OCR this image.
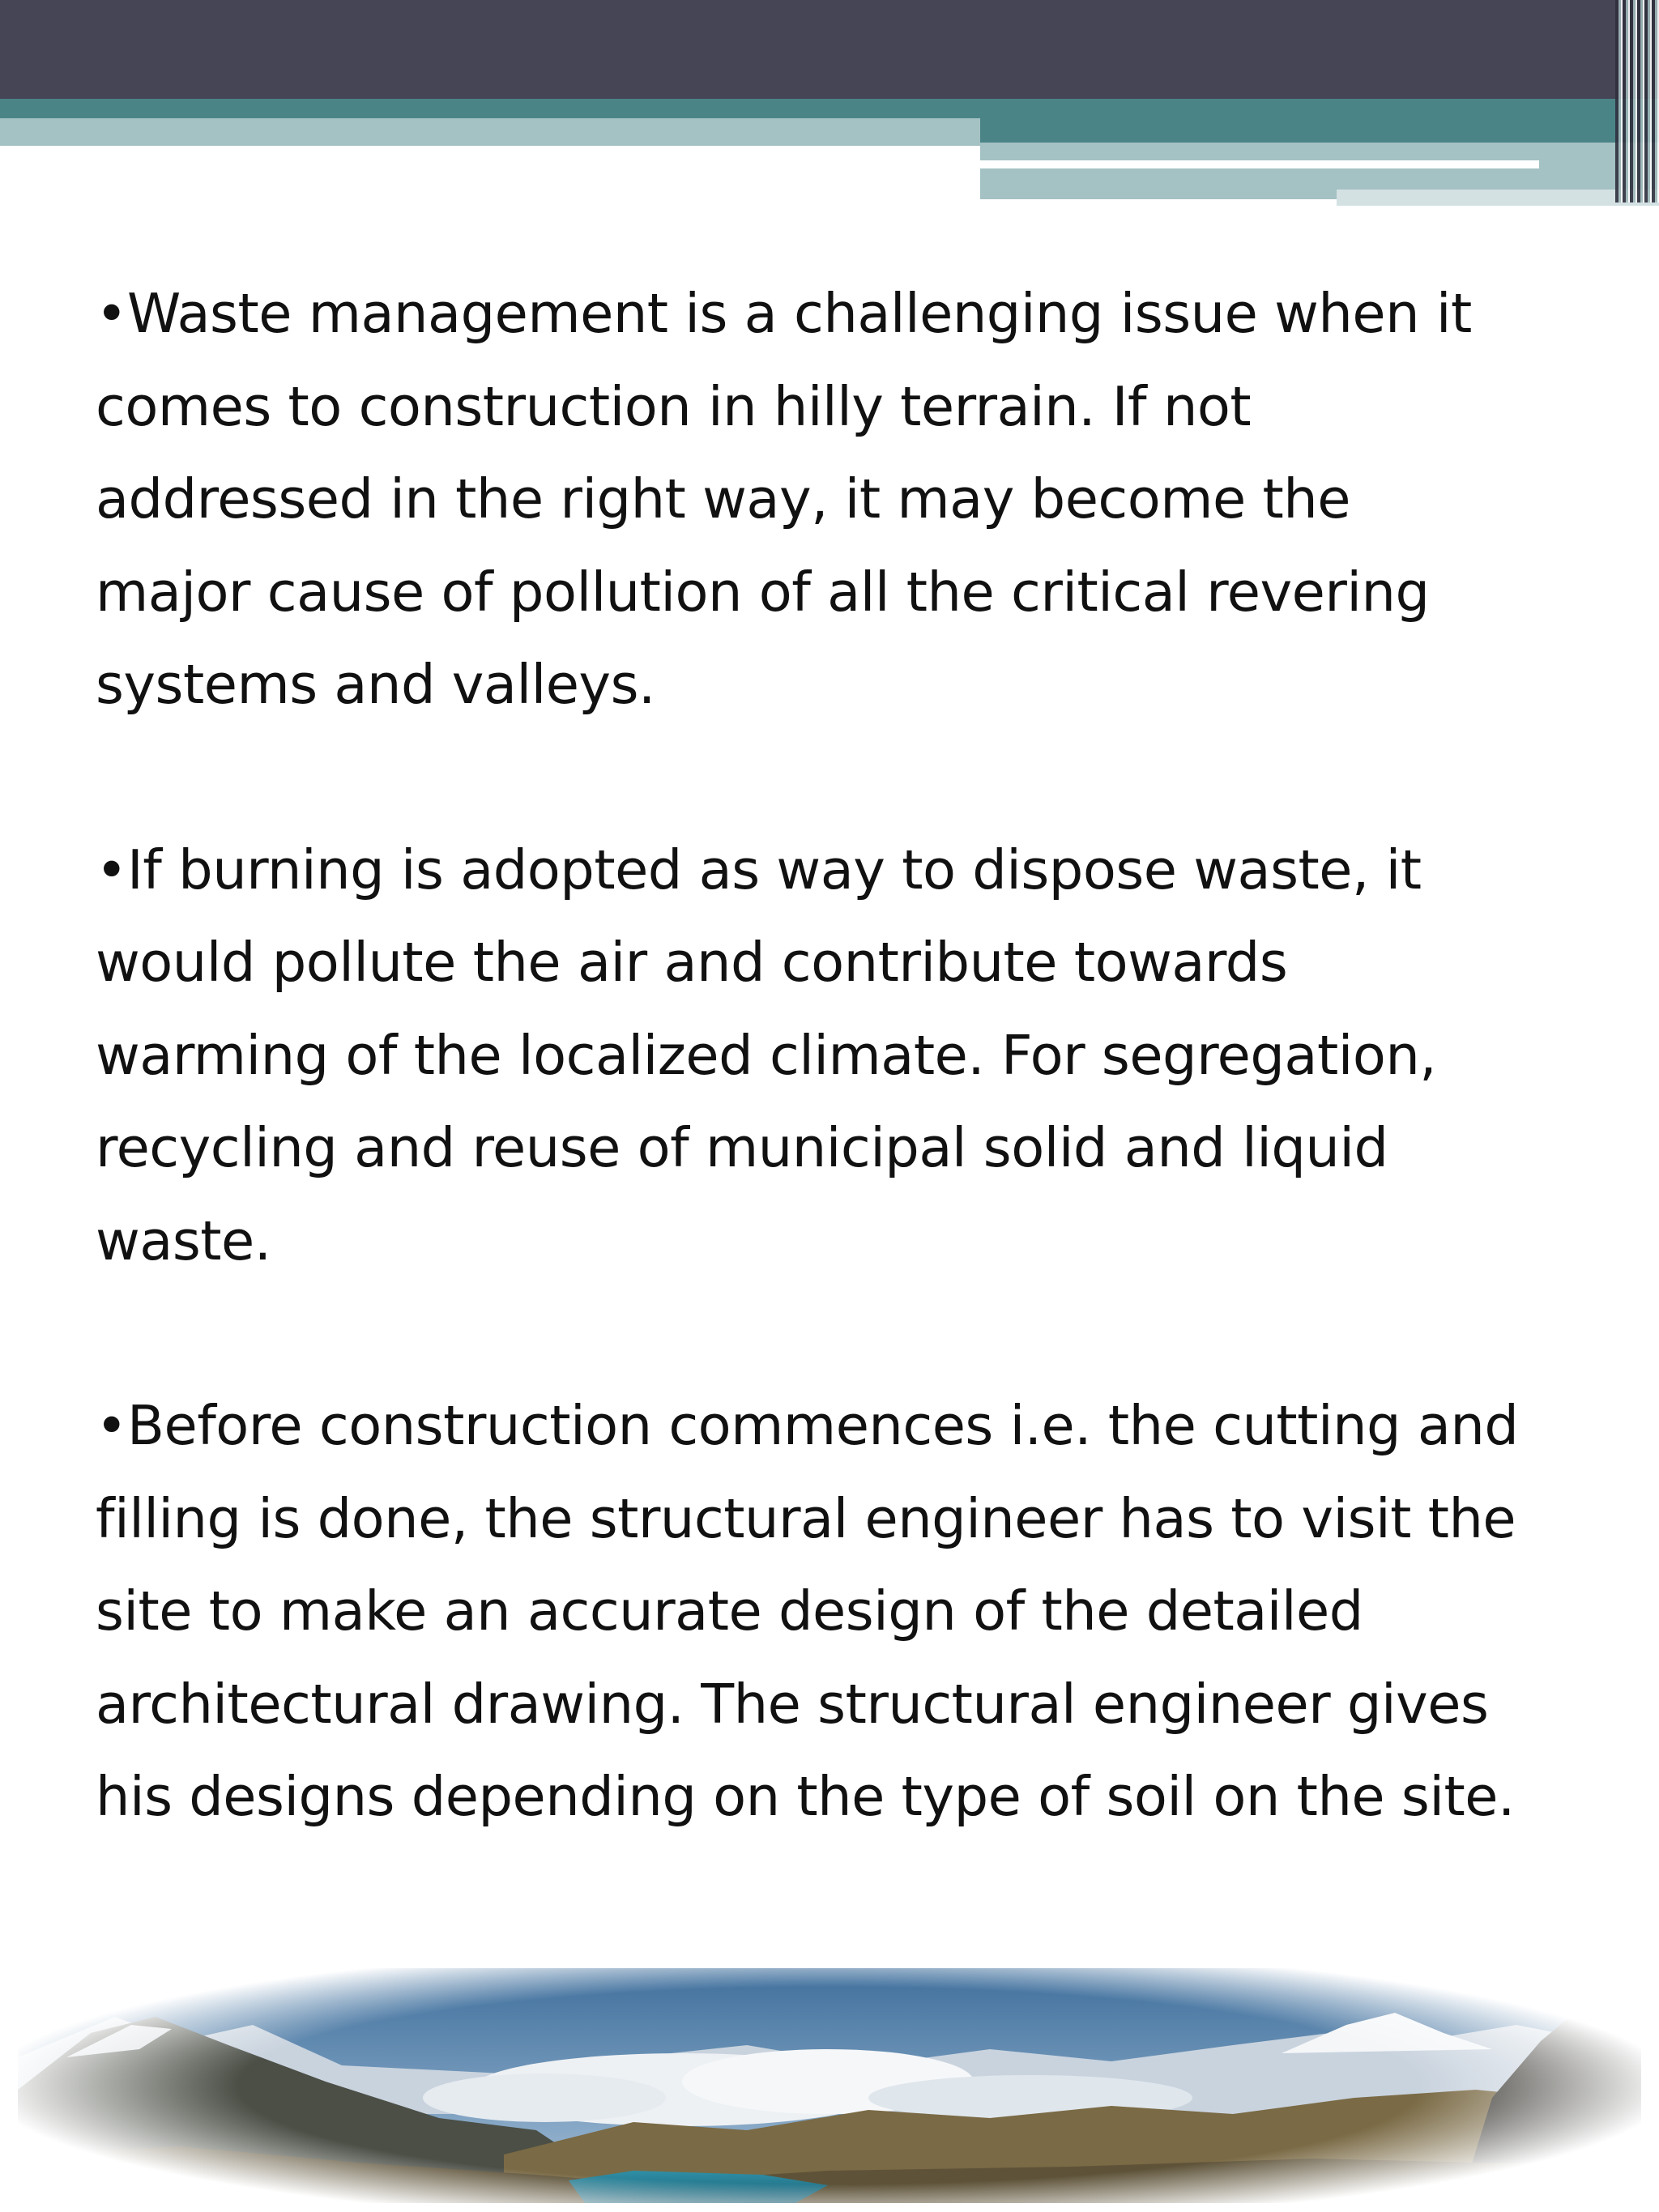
•Waste management is a challenging issue when it comes to construction in hilly terrain. If not addressed in the right way, it may become the major cause of pollution of all the critical revering systems and valleys.

•If burning is adopted as way to dispose waste, it would pollute the air and contribute towards warming of the localized climate. For segregation, recycling and reuse of municipal solid and liquid waste.

•Before construction commences i.e. the cutting and filling is done, the structural engineer has to visit the site to make an accurate design of the detailed architectural drawing. The structural engineer gives his designs depending on the type of soil on the site.
